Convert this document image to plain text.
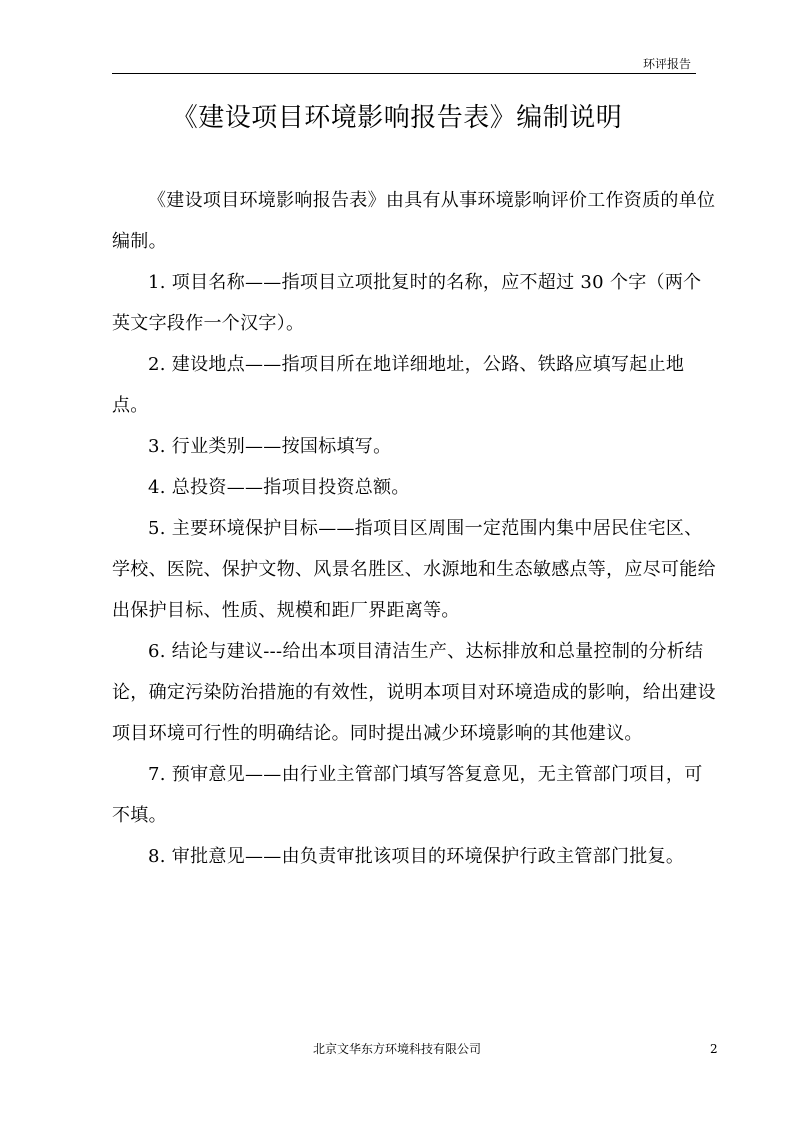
环评报告
《建设项目环境影响报告表》编制说明

《建设项目环境影响报告表》由具有从事环境影响评价工作资质的单位编制。

1. 项目名称——指项目立项批复时的名称，应不超过 30 个字（两个英文字段作一个汉字）。

2. 建设地点——指项目所在地详细地址，公路、铁路应填写起止地点。

3. 行业类别——按国标填写。

4. 总投资——指项目投资总额。

5. 主要环境保护目标——指项目区周围一定范围内集中居民住宅区、学校、医院、保护文物、风景名胜区、水源地和生态敏感点等，应尽可能给出保护目标、性质、规模和距厂界距离等。

6. 结论与建议---给出本项目清洁生产、达标排放和总量控制的分析结论，确定污染防治措施的有效性，说明本项目对环境造成的影响，给出建设项目环境可行性的明确结论。同时提出减少环境影响的其他建议。

7. 预审意见——由行业主管部门填写答复意见，无主管部门项目，可不填。

8. 审批意见——由负责审批该项目的环境保护行政主管部门批复。

北京文华东方环境科技有限公司	2
